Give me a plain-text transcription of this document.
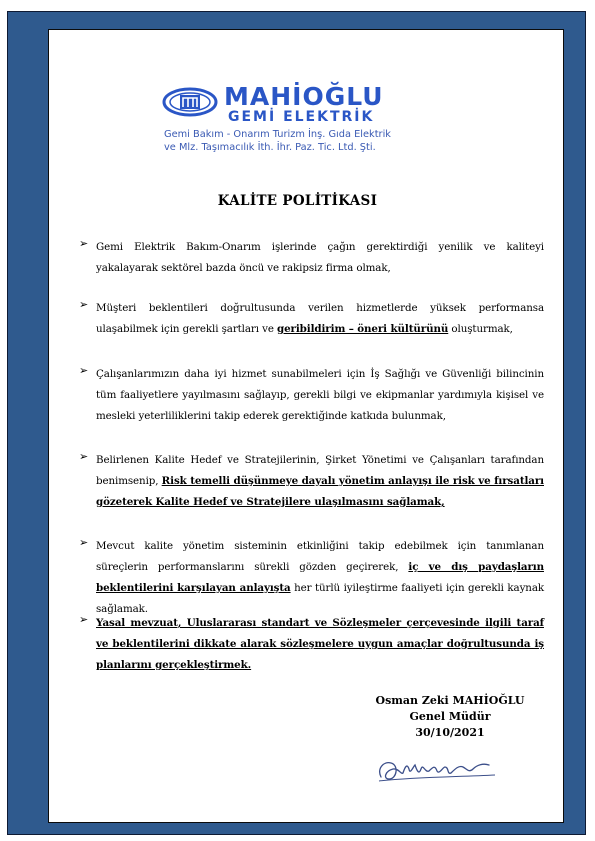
MAHİOĞLU
GEMİ ELEKTRİK
Gemi Bakım - Onarım Turizm İnş. Gıda Elektrik
ve Mlz. Taşımacılık İth. İhr. Paz. Tic. Ltd. Şti.
KALİTE POLİTİKASI
➢ Gemi Elektrik Bakım-Onarım işlerinde çağın gerektirdiği yenilik ve kaliteyi yakalayarak sektörel bazda öncü ve rakipsiz firma olmak,
➢ Müşteri beklentileri doğrultusunda verilen hizmetlerde yüksek performansa ulaşabilmek için gerekli şartları ve geribildirim – öneri kültürünü oluşturmak,
➢ Çalışanlarımızın daha iyi hizmet sunabilmeleri için İş Sağlığı ve Güvenliği bilincinin tüm faaliyetlere yayılmasını sağlayıp, gerekli bilgi ve ekipmanlar yardımıyla kişisel ve mesleki yeterliliklerini takip ederek gerektiğinde katkıda bulunmak,
➢ Belirlenen Kalite Hedef ve Stratejilerinin, Şirket Yönetimi ve Çalışanları tarafından benimsenip, Risk temelli düşünmeye dayalı yönetim anlayışı ile risk ve fırsatları gözeterek Kalite Hedef ve Stratejilere ulaşılmasını sağlamak,
➢ Mevcut kalite yönetim sisteminin etkinliğini takip edebilmek için tanımlanan süreçlerin performanslarını sürekli gözden geçirerek, iç ve dış paydaşların beklentilerini karşılayan anlayışta her türlü iyileştirme faaliyeti için gerekli kaynak sağlamak.
➢ Yasal mevzuat, Uluslararası standart ve Sözleşmeler çerçevesinde ilgili taraf ve beklentilerini dikkate alarak sözleşmelere uygun amaçlar doğrultusunda iş planlarını gerçekleştirmek.
Osman Zeki MAHİOĞLU
Genel Müdür
30/10/2021
